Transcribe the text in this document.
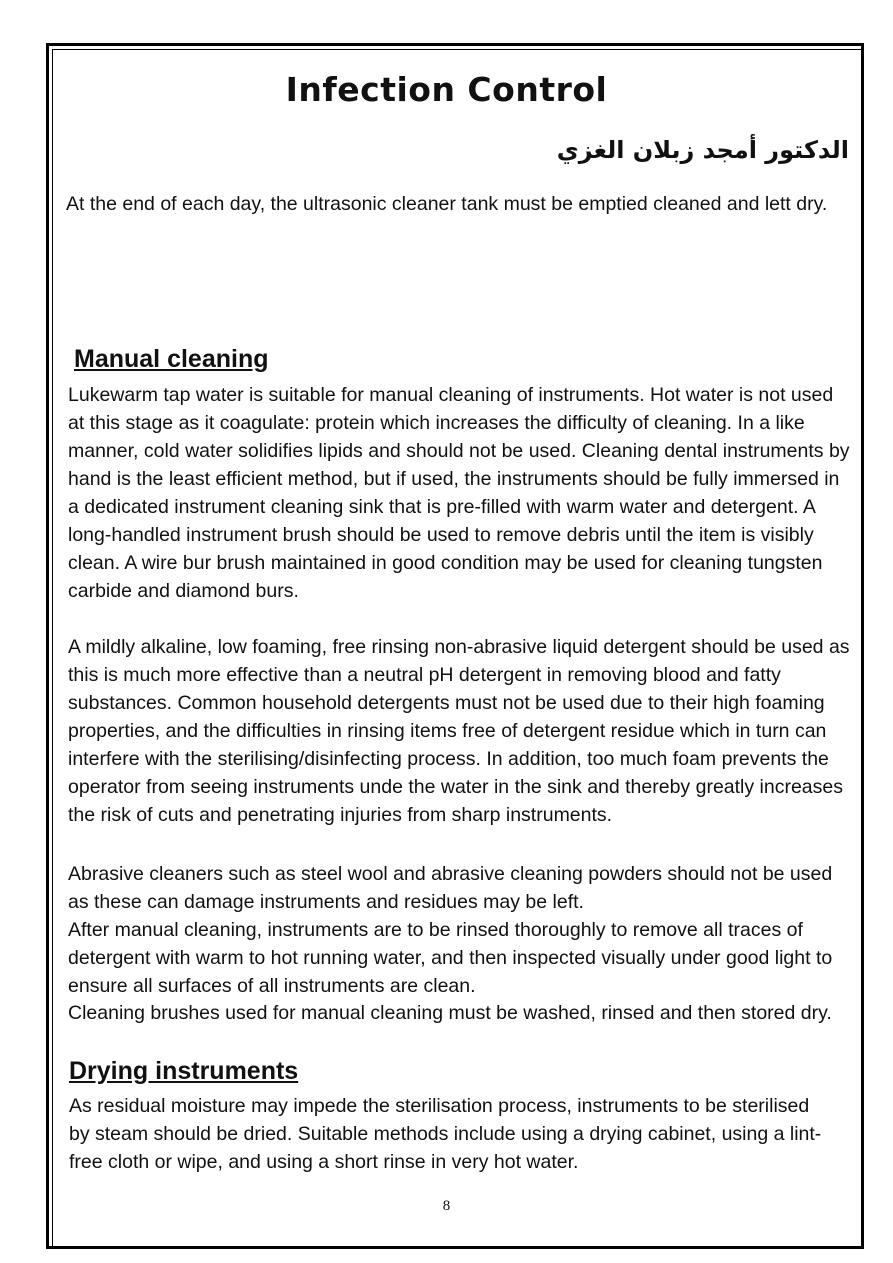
Infection Control
الدكتور أمجد زبلان الغزي

At the end of each day, the ultrasonic cleaner tank must be emptied cleaned and lett dry.

Manual cleaning

Lukewarm tap water is suitable for manual cleaning of instruments. Hot water is not used at this stage as it coagulate: protein which increases the difficulty of cleaning. In a like manner, cold water solidifies lipids and should not be used. Cleaning dental instruments by hand is the least efficient method, but if used, the instruments should be fully immersed in a dedicated instrument cleaning sink that is pre-filled with warm water and detergent. A long-handled instrument brush should be used to remove debris until the item is visibly clean. A wire bur brush maintained in good condition may be used for cleaning tungsten carbide and diamond burs.

A mildly alkaline, low foaming, free rinsing non-abrasive liquid detergent should be used as this is much more effective than a neutral pH detergent in removing blood and fatty substances. Common household detergents must not be used due to their high foaming properties, and the difficulties in rinsing items free of detergent residue which in turn can interfere with the sterilising/disinfecting process. In addition, too much foam prevents the operator from seeing instruments unde the water in the sink and thereby greatly increases the risk of cuts and penetrating injuries from sharp instruments.

Abrasive cleaners such as steel wool and abrasive cleaning powders should not be used as these can damage instruments and residues may be left.

After manual cleaning, instruments are to be rinsed thoroughly to remove all traces of detergent with warm to hot running water, and then inspected visually under good light to ensure all surfaces of all instruments are clean.

Cleaning brushes used for manual cleaning must be washed, rinsed and then stored dry.

Drying instruments

As residual moisture may impede the sterilisation process, instruments to be sterilised by steam should be dried. Suitable methods include using a drying cabinet, using a lint-free cloth or wipe, and using a short rinse in very hot water.

8
